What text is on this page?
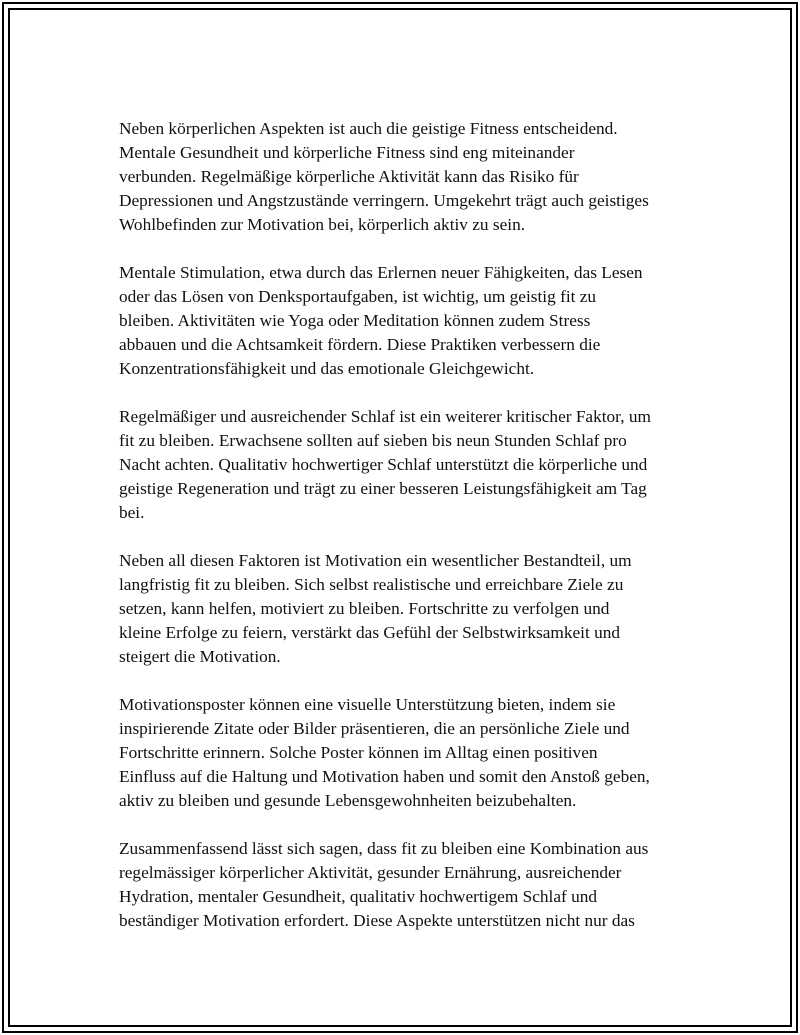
Neben körperlichen Aspekten ist auch die geistige Fitness entscheidend.
Mentale Gesundheit und körperliche Fitness sind eng miteinander
verbunden. Regelmäßige körperliche Aktivität kann das Risiko für
Depressionen und Angstzustände verringern. Umgekehrt trägt auch geistiges
Wohlbefinden zur Motivation bei, körperlich aktiv zu sein.

Mentale Stimulation, etwa durch das Erlernen neuer Fähigkeiten, das Lesen
oder das Lösen von Denksportaufgaben, ist wichtig, um geistig fit zu
bleiben. Aktivitäten wie Yoga oder Meditation können zudem Stress
abbauen und die Achtsamkeit fördern. Diese Praktiken verbessern die
Konzentrationsfähigkeit und das emotionale Gleichgewicht.

Regelmäßiger und ausreichender Schlaf ist ein weiterer kritischer Faktor, um
fit zu bleiben. Erwachsene sollten auf sieben bis neun Stunden Schlaf pro
Nacht achten. Qualitativ hochwertiger Schlaf unterstützt die körperliche und
geistige Regeneration und trägt zu einer besseren Leistungsfähigkeit am Tag
bei.

Neben all diesen Faktoren ist Motivation ein wesentlicher Bestandteil, um
langfristig fit zu bleiben. Sich selbst realistische und erreichbare Ziele zu
setzen, kann helfen, motiviert zu bleiben. Fortschritte zu verfolgen und
kleine Erfolge zu feiern, verstärkt das Gefühl der Selbstwirksamkeit und
steigert die Motivation.

Motivationsposter können eine visuelle Unterstützung bieten, indem sie
inspirierende Zitate oder Bilder präsentieren, die an persönliche Ziele und
Fortschritte erinnern. Solche Poster können im Alltag einen positiven
Einfluss auf die Haltung und Motivation haben und somit den Anstoß geben,
aktiv zu bleiben und gesunde Lebensgewohnheiten beizubehalten.

Zusammenfassend lässt sich sagen, dass fit zu bleiben eine Kombination aus
regelmässiger körperlicher Aktivität, gesunder Ernährung, ausreichender
Hydration, mentaler Gesundheit, qualitativ hochwertigem Schlaf und
beständiger Motivation erfordert. Diese Aspekte unterstützen nicht nur das
